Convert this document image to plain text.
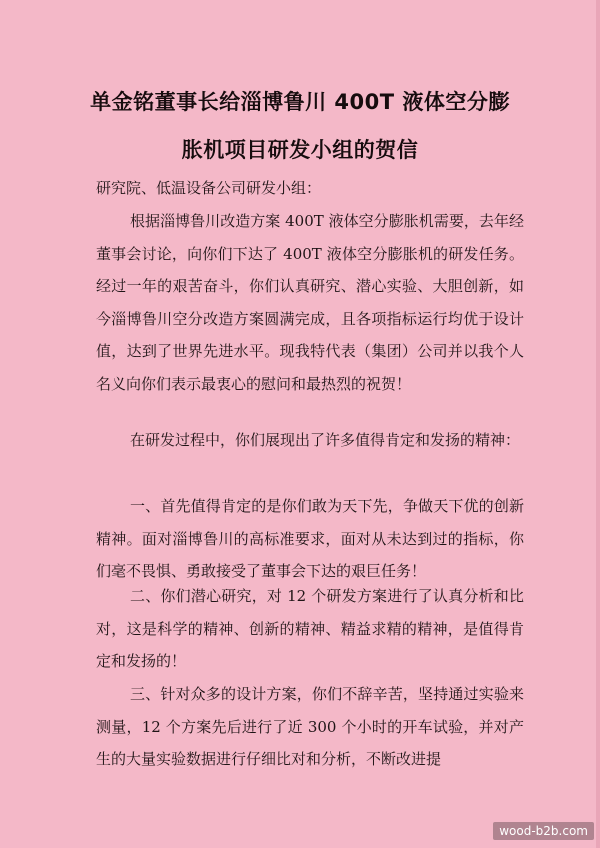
单金铭董事长给淄博鲁川 400T 液体空分膨
胀机项目研发小组的贺信

研究院、低温设备公司研发小组：

根据淄博鲁川改造方案 400T 液体空分膨胀机需要，去年经董事会讨论，向你们下达了 400T 液体空分膨胀机的研发任务。经过一年的艰苦奋斗，你们认真研究、潜心实验、大胆创新，如今淄博鲁川空分改造方案圆满完成，且各项指标运行均优于设计值，达到了世界先进水平。现我特代表（集团）公司并以我个人名义向你们表示最衷心的慰问和最热烈的祝贺！

在研发过程中，你们展现出了许多值得肯定和发扬的精神：

一、首先值得肯定的是你们敢为天下先，争做天下优的创新精神。面对淄博鲁川的高标准要求，面对从未达到过的指标，你们毫不畏惧、勇敢接受了董事会下达的艰巨任务！

二、你们潜心研究，对 12 个研发方案进行了认真分析和比对，这是科学的精神、创新的精神、精益求精的精神，是值得肯定和发扬的！

三、针对众多的设计方案，你们不辞辛苦，坚持通过实验来测量，12 个方案先后进行了近 300 个小时的开车试验，并对产生的大量实验数据进行仔细比对和分析，不断改进提

wood-b2b.com
